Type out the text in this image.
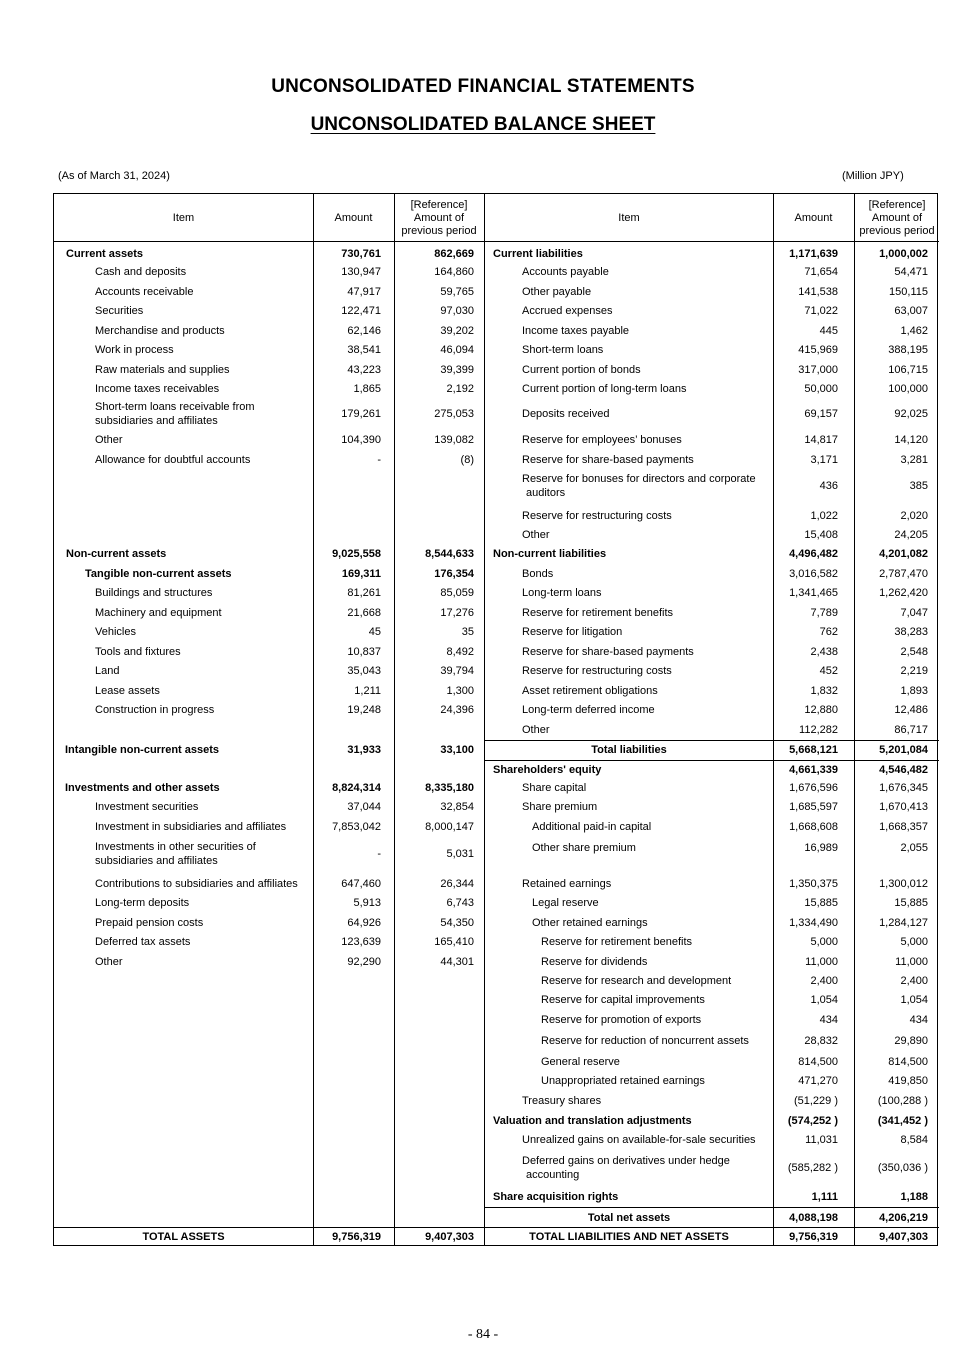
UNCONSOLIDATED FINANCIAL STATEMENTS
UNCONSOLIDATED BALANCE SHEET
(As of March 31, 2024)	(Million JPY)
Item	Amount
[Reference]
Amount of
previous period
Current assets	730,761	862,669
Cash and deposits	130,947	164,860
Accounts receivable	47,917	59,765
Securities	122,471	97,030
Merchandise and products	62,146	39,202
Work in process	38,541	46,094
Raw materials and supplies	43,223	39,399
Income taxes receivables	1,865	2,192
Short-term loans receivable from
subsidiaries and affiliates
179,261	275,053
Other	104,390	139,082
Allowance for doubtful accounts	-	(8)
Non-current assets	9,025,558	8,544,633
Tangible non-current assets	169,311	176,354
Buildings and structures	81,261	85,059
Machinery and equipment	21,668	17,276
Vehicles	45	35
Tools and fixtures	10,837	8,492
Land	35,043	39,794
Lease assets	1,211	1,300
Construction in progress	19,248	24,396
Intangible non-current assets	31,933	33,100
Investments and other assets	8,824,314	8,335,180
Investment securities	37,044	32,854
Investment in subsidiaries and affiliates	7,853,042	8,000,147
Investments in other securities of
subsidiaries and affiliates
-	5,031
Contributions to subsidiaries and affiliates	647,460	26,344
Long-term deposits	5,913	6,743
Prepaid pension costs	64,926	54,350
Deferred tax assets	123,639	165,410
Other	92,290	44,301
TOTAL ASSETS	9,756,319	9,407,303
Item	Amount
[Reference]
Amount of
previous period
Current liabilities	1,171,639	1,000,002
Accounts payable	71,654	54,471
Other payable	141,538	150,115
Accrued expenses	71,022	63,007
Income taxes payable	445	1,462
Short-term loans	415,969	388,195
Current portion of bonds	317,000	106,715
Current portion of long-term loans	50,000	100,000
Deposits received	69,157	92,025
Reserve for employees’ bonuses	14,817	14,120
Reserve for share-based payments	3,171	3,281
Reserve for bonuses for directors and corporate
auditors
436	385
Reserve for restructuring costs	1,022	2,020
Other	15,408	24,205
Non-current liabilities	4,496,482	4,201,082
Bonds	3,016,582	2,787,470
Long-term loans	1,341,465	1,262,420
Reserve for retirement benefits	7,789	7,047
Reserve for litigation	762	38,283
Reserve for share-based payments	2,438	2,548
Reserve for restructuring costs	452	2,219
Asset retirement obligations	1,832	1,893
Long-term deferred income	12,880	12,486
Other	112,282	86,717
Total liabilities	5,668,121	5,201,084
Shareholders' equity	4,661,339	4,546,482
Share capital	1,676,596	1,676,345
Share premium	1,685,597	1,670,413
Additional paid-in capital	1,668,608	1,668,357
Other share premium	16,989	2,055
Retained earnings	1,350,375	1,300,012
Legal reserve	15,885	15,885
Other retained earnings	1,334,490	1,284,127
Reserve for retirement benefits	5,000	5,000
Reserve for dividends	11,000	11,000
Reserve for research and development	2,400	2,400
Reserve for capital improvements	1,054	1,054
Reserve for promotion of exports	434	434
Reserve for reduction of noncurrent assets	28,832	29,890
General reserve	814,500	814,500
Unappropriated retained earnings	471,270	419,850
Treasury shares	(51,229 )	(100,288 )
Valuation and translation adjustments	(574,252 )	(341,452 )
Unrealized gains on available-for-sale securities	11,031	8,584
Deferred gains on derivatives under hedge
accounting
(585,282 )	(350,036 )
Share acquisition rights	1,111	1,188
Total net assets	4,088,198	4,206,219
TOTAL LIABILITIES AND NET ASSETS	9,756,319	9,407,303
- 84 -
